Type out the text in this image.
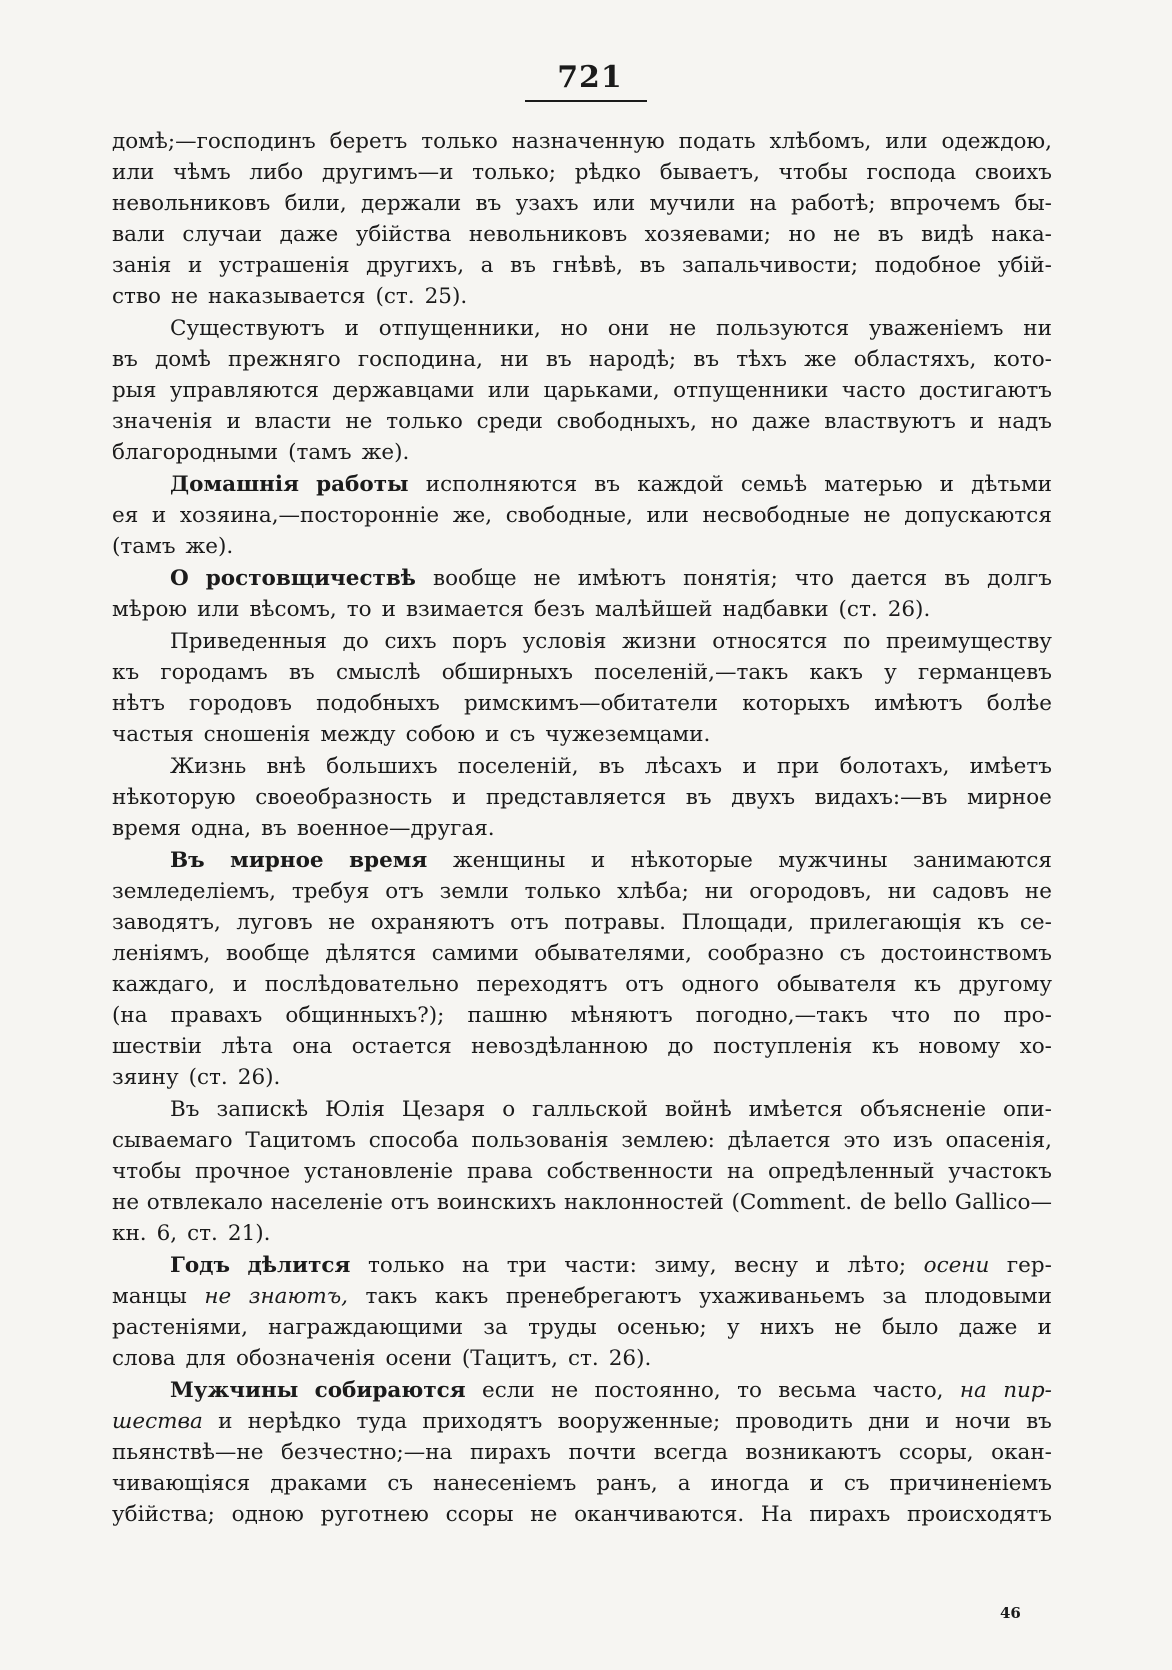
721
домѣ;—господинъ беретъ только назначенную подать хлѣбомъ, или одеждою,
или чѣмъ либо другимъ—и только; рѣдко бываетъ, чтобы господа своихъ
невольниковъ били, держали въ узахъ или мучили на работѣ; впрочемъ бы-
вали случаи даже убійства невольниковъ хозяевами; но не въ видѣ нака-
занія и устрашенія другихъ, а въ гнѣвѣ, въ запальчивости; подобное убій-
ство не наказывается (ст. 25).
Существуютъ и отпущенники, но они не пользуются уваженіемъ ни
въ домѣ прежняго господина, ни въ народѣ; въ тѣхъ же областяхъ, кото-
рыя управляются державцами или царьками, отпущенники часто достигаютъ
значенія и власти не только среди свободныхъ, но даже властвуютъ и надъ
благородными (тамъ же).
Домашнія работы исполняются въ каждой семьѣ матерью и дѣтьми
ея и хозяина,—посторонніе же, свободные, или несвободные не допускаются
(тамъ же).
О ростовщичествѣ вообще не имѣютъ понятія; что дается въ долгъ
мѣрою или вѣсомъ, то и взимается безъ малѣйшей надбавки (ст. 26).
Приведенныя до сихъ поръ условія жизни относятся по преимуществу
къ городамъ въ смыслѣ обширныхъ поселеній,—такъ какъ у германцевъ
нѣтъ городовъ подобныхъ римскимъ—обитатели которыхъ имѣютъ болѣе
частыя сношенія между собою и съ чужеземцами.
Жизнь внѣ большихъ поселеній, въ лѣсахъ и при болотахъ, имѣетъ
нѣкоторую своеобразность и представляется въ двухъ видахъ:—въ мирное
время одна, въ военное—другая.
Въ мирное время женщины и нѣкоторые мужчины занимаются
земледеліемъ, требуя отъ земли только хлѣба; ни огородовъ, ни садовъ не
заводятъ, луговъ не охраняютъ отъ потравы. Площади, прилегающія къ се-
леніямъ, вообще дѣлятся самими обывателями, сообразно съ достоинствомъ
каждаго, и послѣдовательно переходятъ отъ одного обывателя къ другому
(на правахъ общинныхъ?); пашню мѣняютъ погодно,—такъ что по про-
шествіи лѣта она остается невоздѣланною до поступленія къ новому хо-
зяину (ст. 26).
Въ запискѣ Юлія Цезаря о галльской войнѣ имѣется объясненіе опи-
сываемаго Тацитомъ способа пользованія землею: дѣлается это изъ опасенія,
чтобы прочное установленіе права собственности на опредѣленный участокъ
не отвлекало населеніе отъ воинскихъ наклонностей (Comment. de bello Gallico—
кн. 6, ст. 21).
Годъ дѣлится только на три части: зиму, весну и лѣто; осени гер-
манцы не знаютъ, такъ какъ пренебрегаютъ ухаживаньемъ за плодовыми
растеніями, награждающими за труды осенью; у нихъ не было даже и
слова для обозначенія осени (Тацитъ, ст. 26).
Мужчины собираются если не постоянно, то весьма часто, на пир-
шества и нерѣдко туда приходятъ вооруженные; проводить дни и ночи въ
пьянствѣ—не безчестно;—на пирахъ почти всегда возникаютъ ссоры, окан-
чивающіяся драками съ нанесеніемъ ранъ, а иногда и съ причиненіемъ
убійства; одною руготнею ссоры не оканчиваются. На пирахъ происходятъ
46
